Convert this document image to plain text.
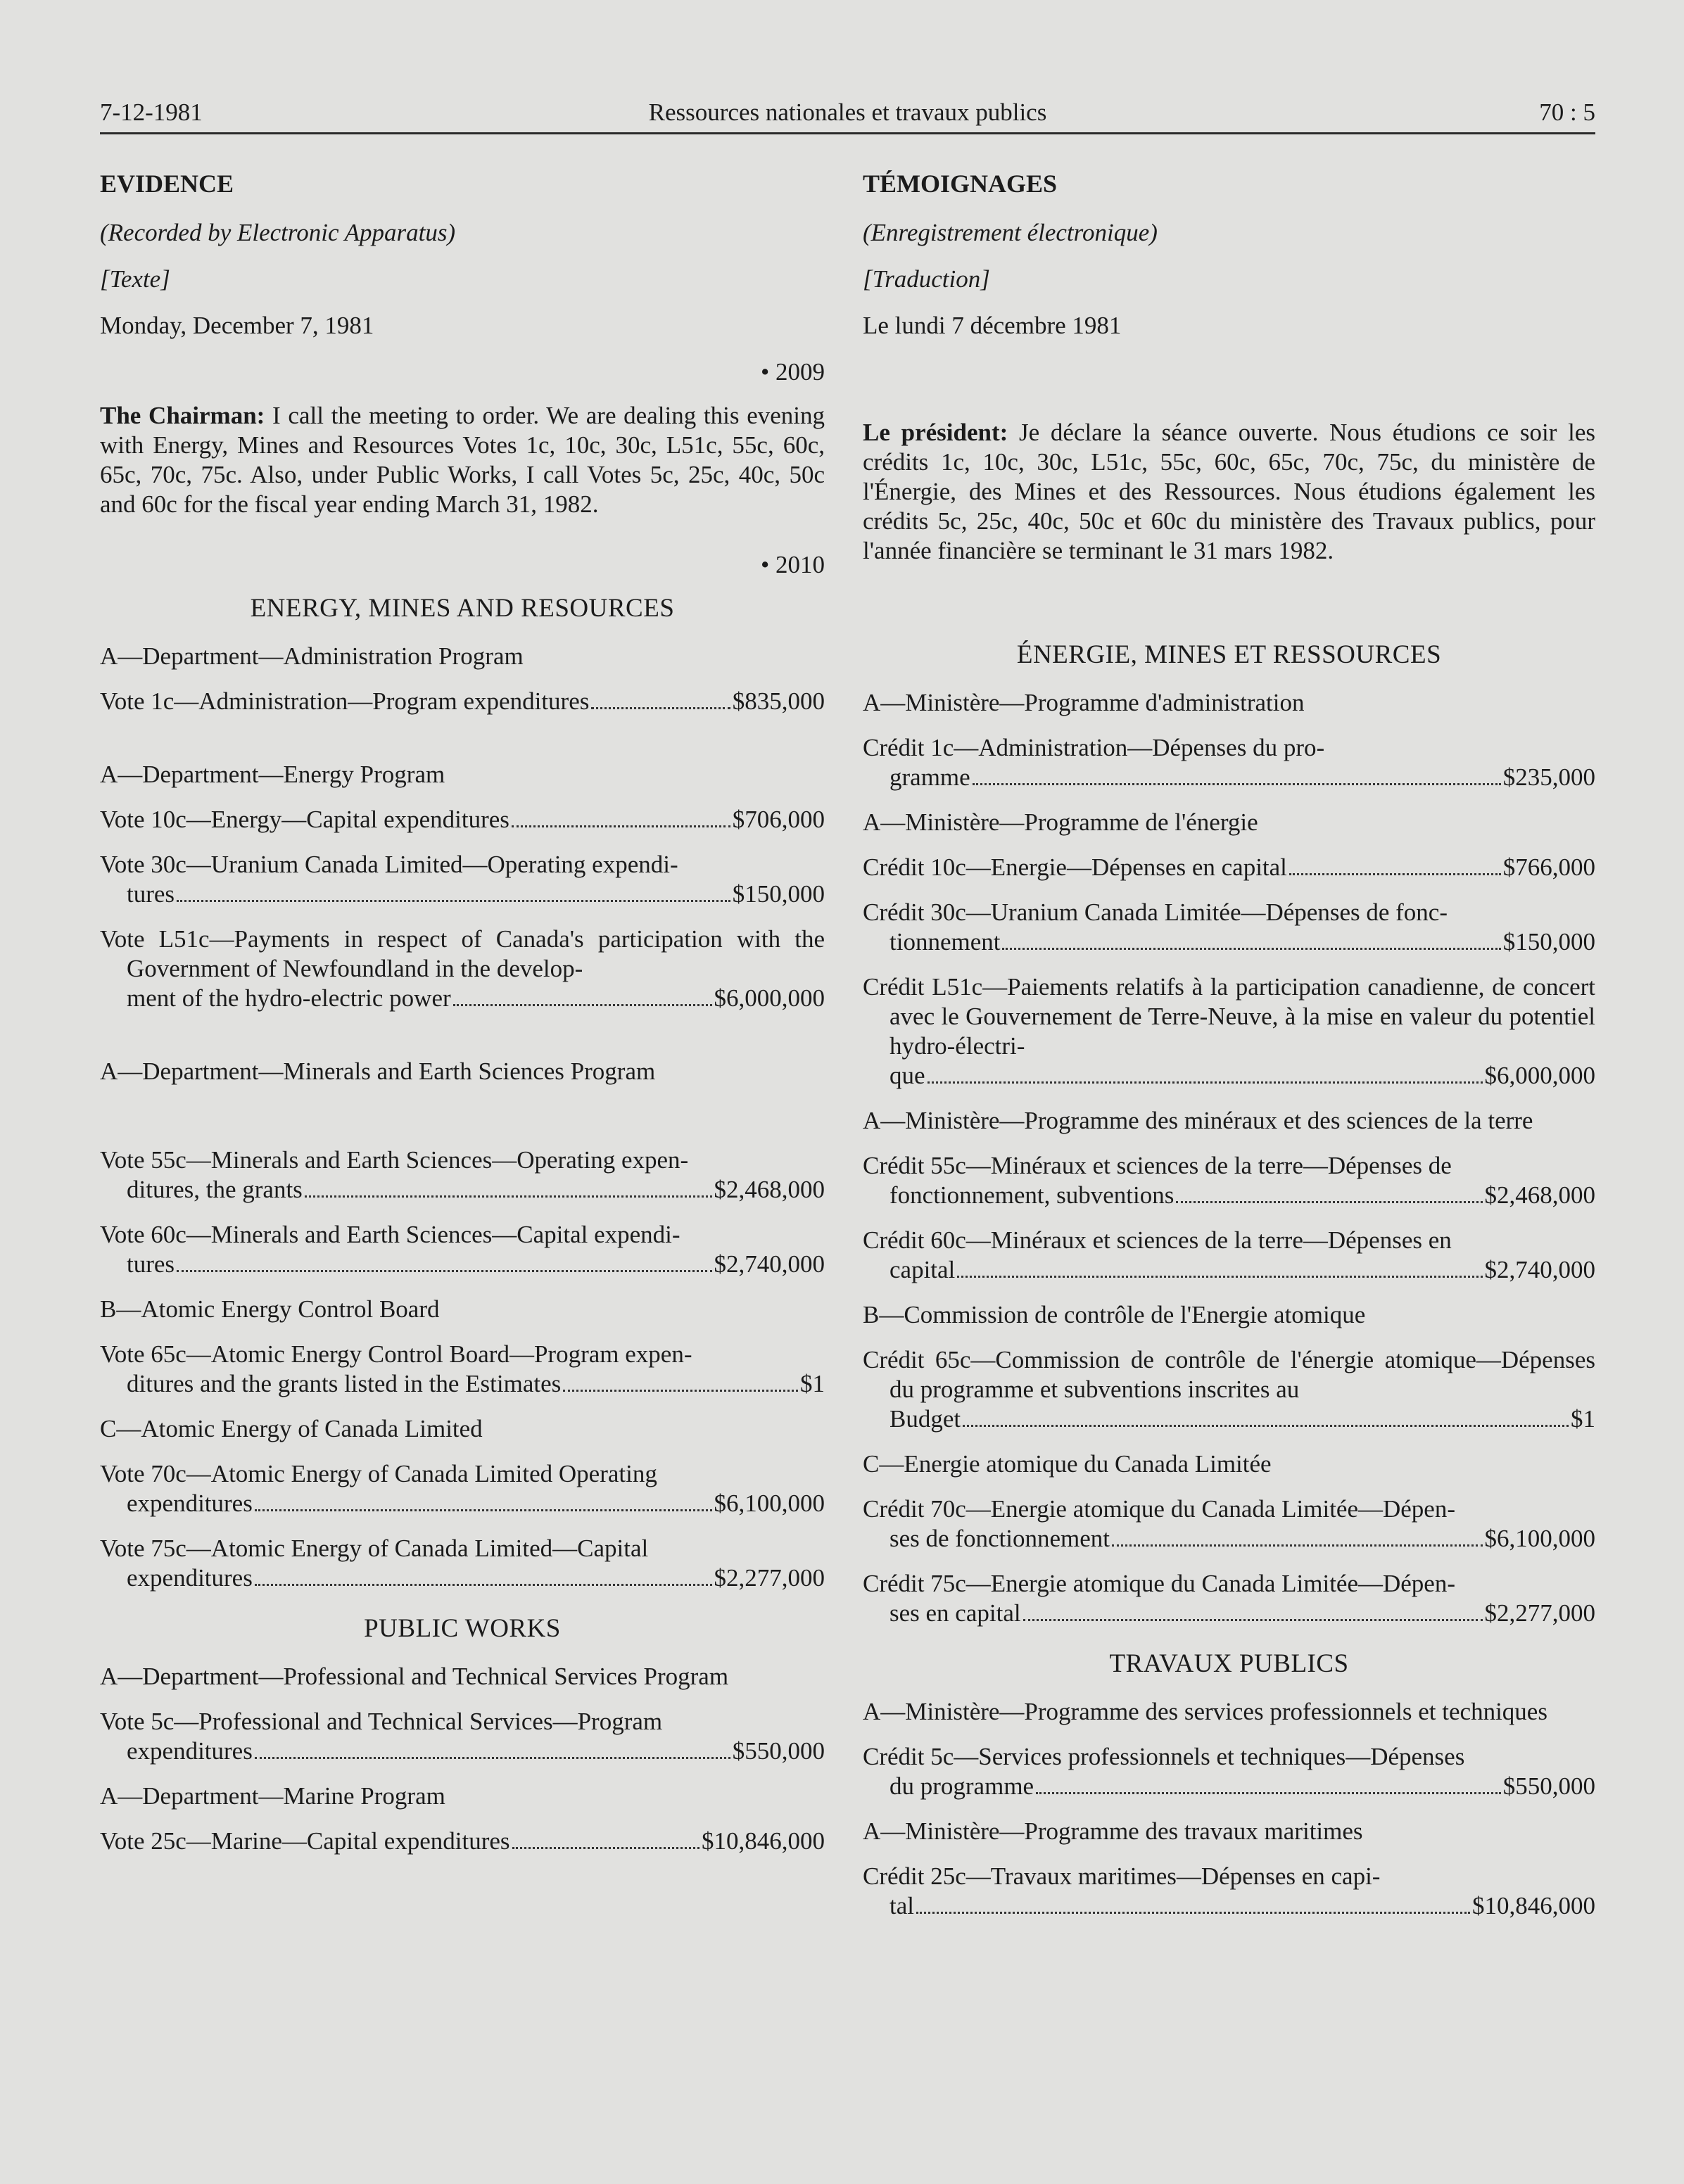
7-12-1981	Ressources nationales et travaux publics	70 : 5
EVIDENCE
(Recorded by Electronic Apparatus)
[Texte]
Monday, December 7, 1981
• 2009
The Chairman: I call the meeting to order. We are dealing this evening with Energy, Mines and Resources Votes 1c, 10c, 30c, L51c, 55c, 60c, 65c, 70c, 75c. Also, under Public Works, I call Votes 5c, 25c, 40c, 50c and 60c for the fiscal year ending March 31, 1982.
• 2010
ENERGY, MINES AND RESOURCES
A—Department—Administration Program
Vote 1c—Administration—Program expenditures	$835,000
A—Department—Energy Program
Vote 10c—Energy—Capital expenditures	$706,000
Vote 30c—Uranium Canada Limited—Operating expendi-
tures	$150,000
Vote L51c—Payments in respect of Canada's participation with the Government of Newfoundland in the develop-
ment of the hydro-electric power	$6,000,000
A—Department—Minerals and Earth Sciences Program
Vote 55c—Minerals and Earth Sciences—Operating expen-
ditures, the grants	$2,468,000
Vote 60c—Minerals and Earth Sciences—Capital expendi-
tures	$2,740,000
B—Atomic Energy Control Board
Vote 65c—Atomic Energy Control Board—Program expen-
ditures and the grants listed in the Estimates	$1
C—Atomic Energy of Canada Limited
Vote 70c—Atomic Energy of Canada Limited Operating
expenditures	$6,100,000
Vote 75c—Atomic Energy of Canada Limited—Capital
expenditures	$2,277,000
PUBLIC WORKS
A—Department—Professional and Technical Services Program
Vote 5c—Professional and Technical Services—Program
expenditures	$550,000
A—Department—Marine Program
Vote 25c—Marine—Capital expenditures	$10,846,000
TÉMOIGNAGES
(Enregistrement électronique)
[Traduction]
Le lundi 7 décembre 1981
Le président: Je déclare la séance ouverte. Nous étudions ce soir les crédits 1c, 10c, 30c, L51c, 55c, 60c, 65c, 70c, 75c, du ministère de l'Énergie, des Mines et des Ressources. Nous étudions également les crédits 5c, 25c, 40c, 50c et 60c du ministère des Travaux publics, pour l'année financière se terminant le 31 mars 1982.
ÉNERGIE, MINES ET RESSOURCES
A—Ministère—Programme d'administration
Crédit 1c—Administration—Dépenses du pro-
gramme	$235,000
A—Ministère—Programme de l'énergie
Crédit 10c—Energie—Dépenses en capital	$766,000
Crédit 30c—Uranium Canada Limitée—Dépenses de fonc-
tionnement	$150,000
Crédit L51c—Paiements relatifs à la participation canadienne, de concert avec le Gouvernement de Terre-Neuve, à la mise en valeur du potentiel hydro-électri-
que	$6,000,000
A—Ministère—Programme des minéraux et des sciences de la terre
Crédit 55c—Minéraux et sciences de la terre—Dépenses de
fonctionnement, subventions	$2,468,000
Crédit 60c—Minéraux et sciences de la terre—Dépenses en
capital	$2,740,000
B—Commission de contrôle de l'Energie atomique
Crédit 65c—Commission de contrôle de l'énergie atomique—Dépenses du programme et subventions inscrites au
Budget	$1
C—Energie atomique du Canada Limitée
Crédit 70c—Energie atomique du Canada Limitée—Dépen-
ses de fonctionnement	$6,100,000
Crédit 75c—Energie atomique du Canada Limitée—Dépen-
ses en capital	$2,277,000
TRAVAUX PUBLICS
A—Ministère—Programme des services professionnels et techniques
Crédit 5c—Services professionnels et techniques—Dépenses
du programme	$550,000
A—Ministère—Programme des travaux maritimes
Crédit 25c—Travaux maritimes—Dépenses en capi-
tal	$10,846,000
